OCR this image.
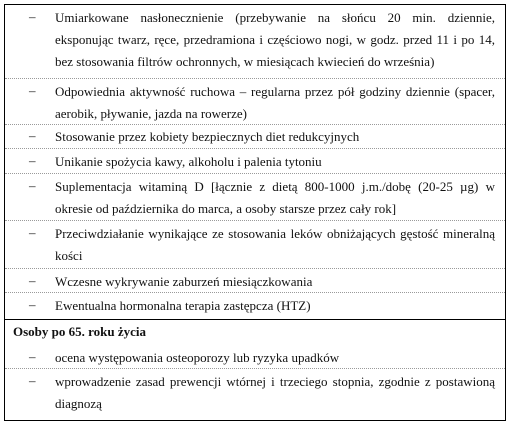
– Umiarkowane nasłonecznienie (przebywanie na słońcu 20 min. dziennie, eksponując twarz, ręce, przedramiona i częściowo nogi, w godz. przed 11 i po 14, bez stosowania filtrów ochronnych, w miesiącach kwiecień do września)
– Odpowiednia aktywność ruchowa – regularna przez pół godziny dziennie (spacer, aerobik, pływanie, jazda na rowerze)
– Stosowanie przez kobiety bezpiecznych diet redukcyjnych
– Unikanie spożycia kawy, alkoholu i palenia tytoniu
– Suplementacja witaminą D [łącznie z dietą 800-1000 j.m./dobę (20-25 µg) w okresie od października do marca, a osoby starsze przez cały rok]
– Przeciwdziałanie wynikające ze stosowania leków obniżających gęstość mineralną kości
– Wczesne wykrywanie zaburzeń miesiączkowania
– Ewentualna hormonalna terapia zastępcza (HTZ)
Osoby po 65. roku życia
– ocena występowania osteoporozy lub ryzyka upadków
– wprowadzenie zasad prewencji wtórnej i trzeciego stopnia, zgodnie z postawioną diagnozą
